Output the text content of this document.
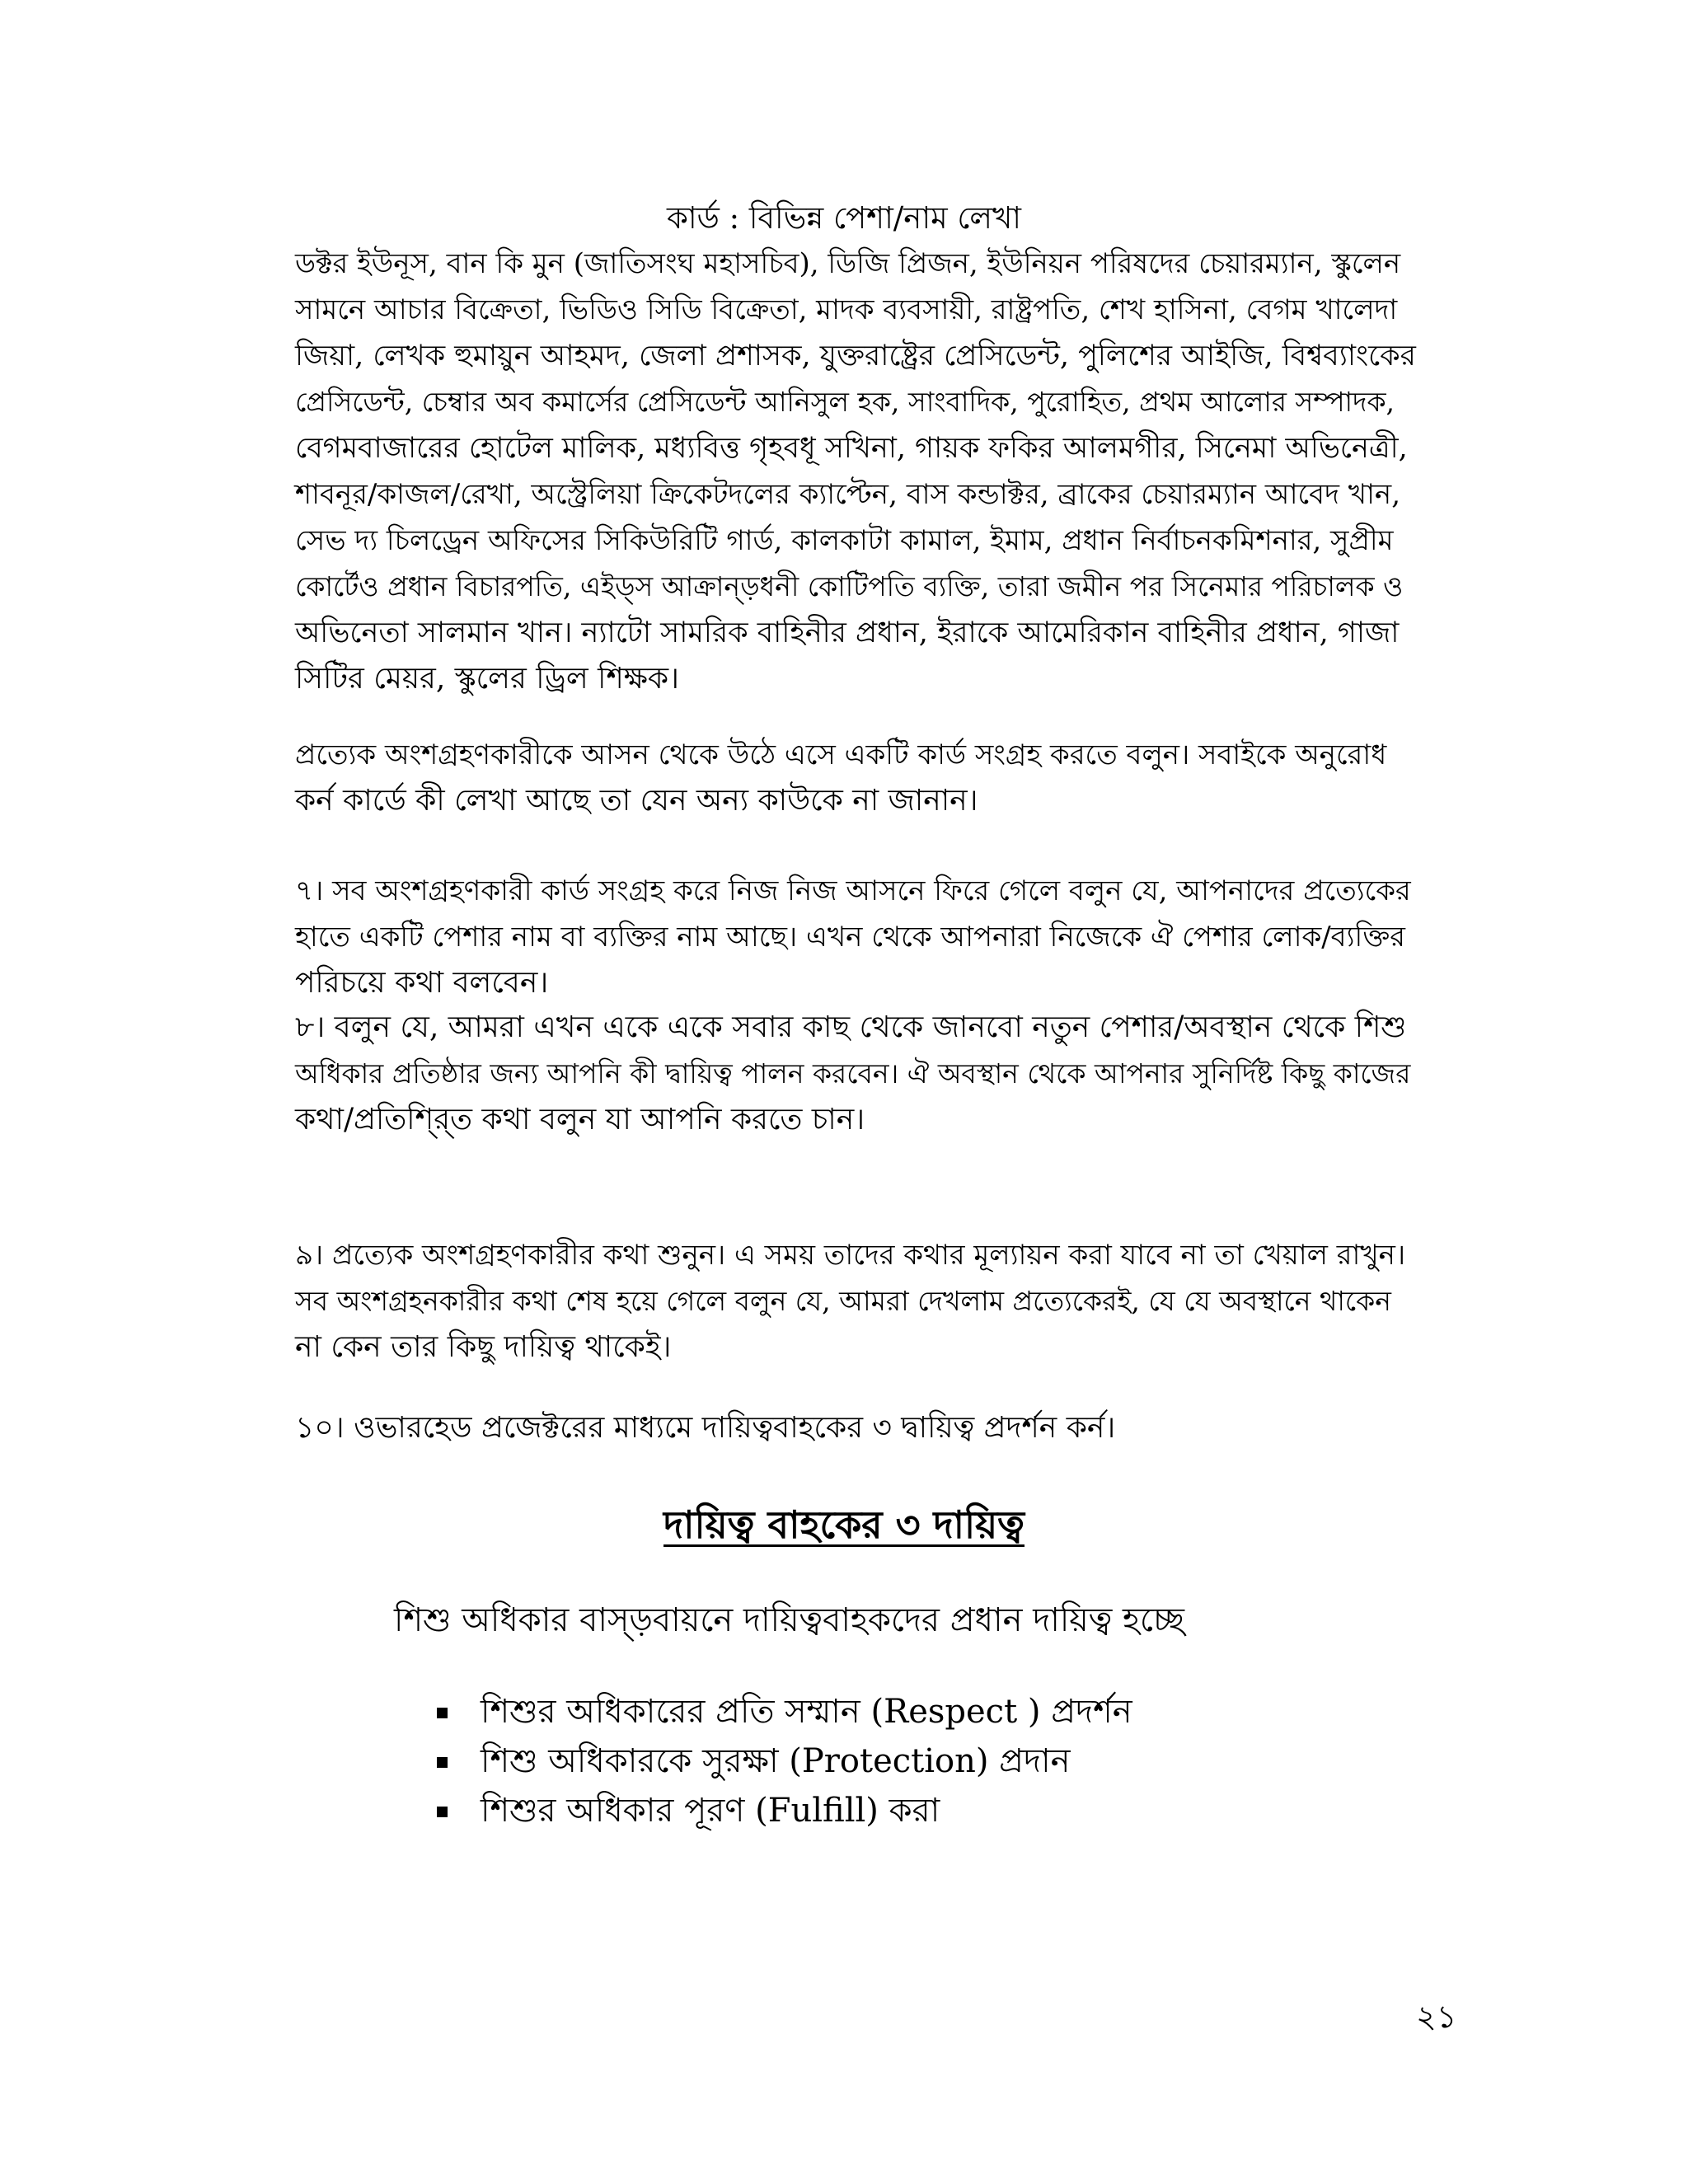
কার্ড : বিভিন্ন পেশা/নাম লেখা

ডক্টর ইউনূস, বান কি মুন (জাতিসংঘ মহাসচিব), ডিজি প্রিজন, ইউনিয়ন পরিষদের চেয়ারম্যান, স্কুলেন
সামনে আচার বিক্রেতা, ভিডিও সিডি বিক্রেতা, মাদক ব্যবসায়ী, রাষ্ট্রপতি, শেখ হাসিনা, বেগম খালেদা
জিয়া, লেখক হুমায়ুন আহমদ, জেলা প্রশাসক, যুক্তরাষ্ট্রের প্রেসিডেন্ট, পুলিশের আইজি, বিশ্বব্যাংকের
প্রেসিডেন্ট, চেম্বার অব কমার্সের প্রেসিডেন্ট আনিসুল হক, সাংবাদিক, পুরোহিত, প্রথম আলোর সম্পাদক,
বেগমবাজারের হোটেল মালিক, মধ্যবিত্ত গৃহবধূ সখিনা, গায়ক ফকির আলমগীর, সিনেমা অভিনেত্রী,
শাবনূর/কাজল/রেখা, অস্ট্রেলিয়া ক্রিকেটদলের ক্যাপ্টেন, বাস কন্ডাক্টর, ব্রাকের চেয়ারম্যান আবেদ খান,
সেভ দ্য চিলড্রেন অফিসের সিকিউরিটি গার্ড, কালকাটা কামাল, ইমাম, প্রধান নির্বাচনকমিশনার, সুপ্রীম
কোর্টেও প্রধান বিচারপতি, এইড্স আক্রান্ড়ধনী কোটিপতি ব্যক্তি, তারা জমীন পর সিনেমার পরিচালক ও
অভিনেতা সালমান খান। ন্যাটো সামরিক বাহিনীর প্রধান, ইরাকে আমেরিকান বাহিনীর প্রধান, গাজা
সিটির মেয়র, স্কুলের ড্রিল শিক্ষক।

প্রত্যেক অংশগ্রহণকারীকে আসন থেকে উঠে এসে একটি কার্ড সংগ্রহ করতে বলুন। সবাইকে অনুরোধ
কর্ন কার্ডে কী লেখা আছে তা যেন অন্য কাউকে না জানান।

৭। সব অংশগ্রহণকারী কার্ড সংগ্রহ করে নিজ নিজ আসনে ফিরে গেলে বলুন যে, আপনাদের প্রত্যেকের
হাতে একটি পেশার নাম বা ব্যক্তির নাম আছে। এখন থেকে আপনারা নিজেকে ঐ পেশার লোক/ব্যক্তির
পরিচয়ে কথা বলবেন।

৮। বলুন যে, আমরা এখন একে একে সবার কাছ থেকে জানবো নতুন পেশার/অবস্থান থেকে শিশু
অধিকার প্রতিষ্ঠার জন্য আপনি কী দ্বায়িত্ব পালন করবেন। ঐ অবস্থান থেকে আপনার সুনির্দিষ্ট কিছু কাজের
কথা/প্রতিশ্র্তি কথা বলুন যা আপনি করতে চান।

৯। প্রত্যেক অংশগ্রহণকারীর কথা শুনুন। এ সময় তাদের কথার মূল্যায়ন করা যাবে না তা খেয়াল রাখুন।
সব অংশগ্রহনকারীর কথা শেষ হয়ে গেলে বলুন যে, আমরা দেখলাম প্রত্যেকেরই, যে যে অবস্থানে থাকেন
না কেন তার কিছু দায়িত্ব থাকেই।

১০। ওভারহেড প্রজেক্টরের মাধ্যমে দায়িত্ববাহকের ৩ দ্বায়িত্ব প্রদর্শন কর্ন।

দায়িত্ব বাহকের ৩ দায়িত্ব
শিশু অধিকার বাস্ড়বায়নে দায়িত্ববাহকদের প্রধান দায়িত্ব হচ্ছে
শিশুর অধিকারের প্রতি সম্মান (Respect ) প্রদর্শন
শিশু অধিকারকে সুরক্ষা (Protection) প্রদান
শিশুর অধিকার পূরণ (Fulfill) করা
২১
